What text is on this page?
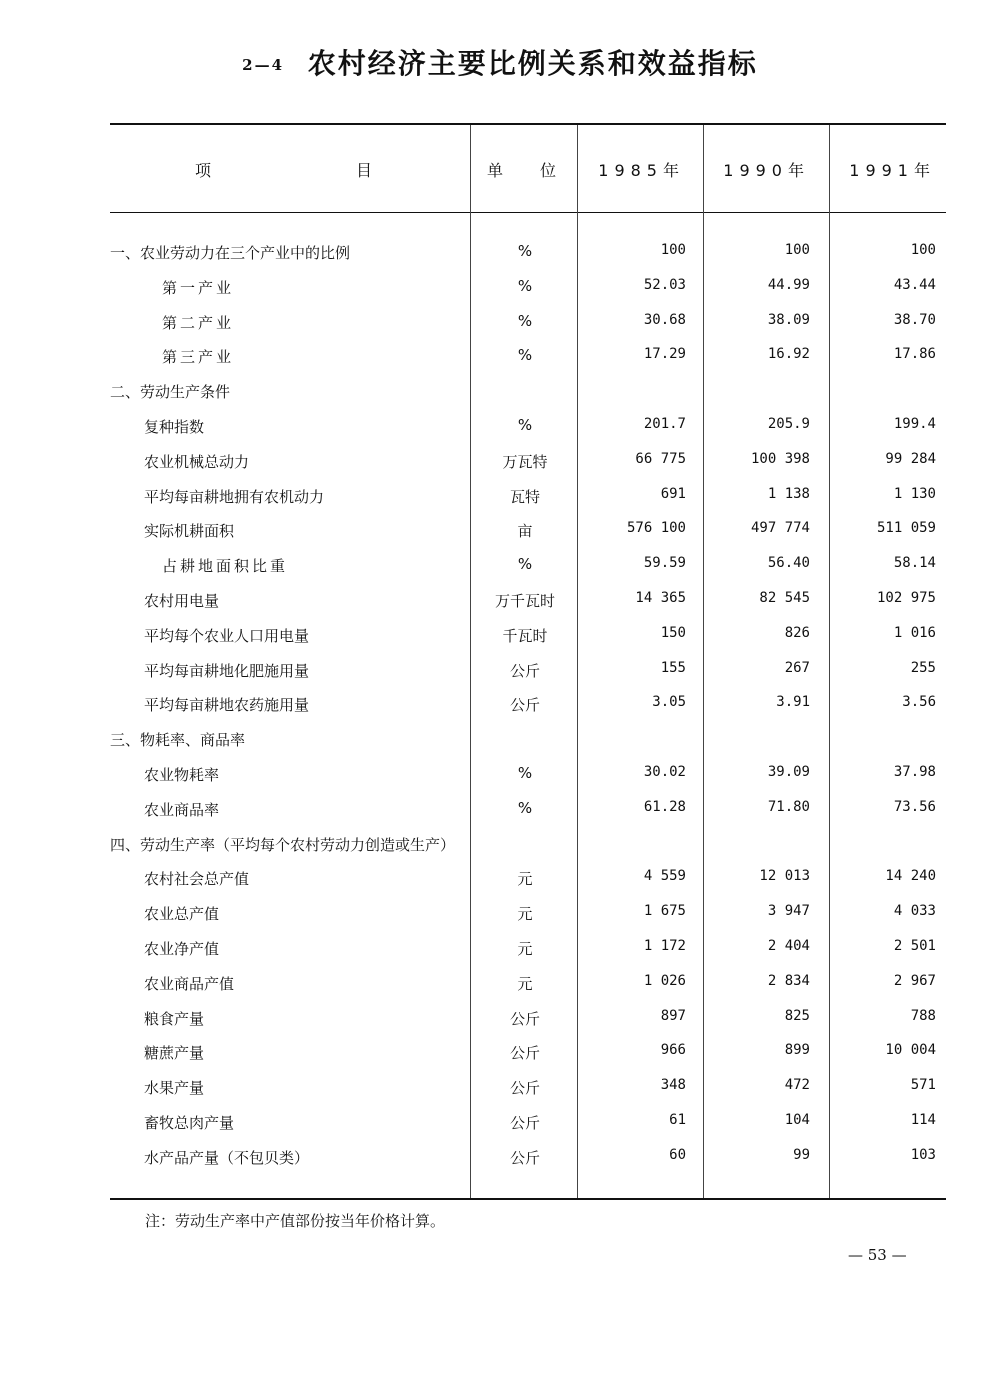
2—4 农村经济主要比例关系和效益指标
项	目	单 位	1985年	1990年	1991年
一、农业劳动力在三个产业中的比例	%	100	100	100
第一产业	%	52.03	44.99	43.44
第二产业	%	30.68	38.09	38.70
第三产业	%	17.29	16.92	17.86
二、劳动生产条件
复种指数	%	201.7	205.9	199.4
农业机械总动力	万瓦特	66 775	100 398	99 284
平均每亩耕地拥有农机动力	瓦特	691	1 138	1 130
实际机耕面积	亩	576 100	497 774	511 059
占耕地面积比重	%	59.59	56.40	58.14
农村用电量	万千瓦时	14 365	82 545	102 975
平均每个农业人口用电量	千瓦时	150	826	1 016
平均每亩耕地化肥施用量	公斤	155	267	255
平均每亩耕地农药施用量	公斤	3.05	3.91	3.56
三、物耗率、商品率
农业物耗率	%	30.02	39.09	37.98
农业商品率	%	61.28	71.80	73.56
四、劳动生产率（平均每个农村劳动力创造或生产）
农村社会总产值	元	4 559	12 013	14 240
农业总产值	元	1 675	3 947	4 033
农业净产值	元	1 172	2 404	2 501
农业商品产值	元	1 026	2 834	2 967
粮食产量	公斤	897	825	788
糖蔗产量	公斤	966	899	10 004
水果产量	公斤	348	472	571
畜牧总肉产量	公斤	61	104	114
水产品产量（不包贝类）	公斤	60	99	103
注：劳动生产率中产值部份按当年价格计算。
— 53 —
